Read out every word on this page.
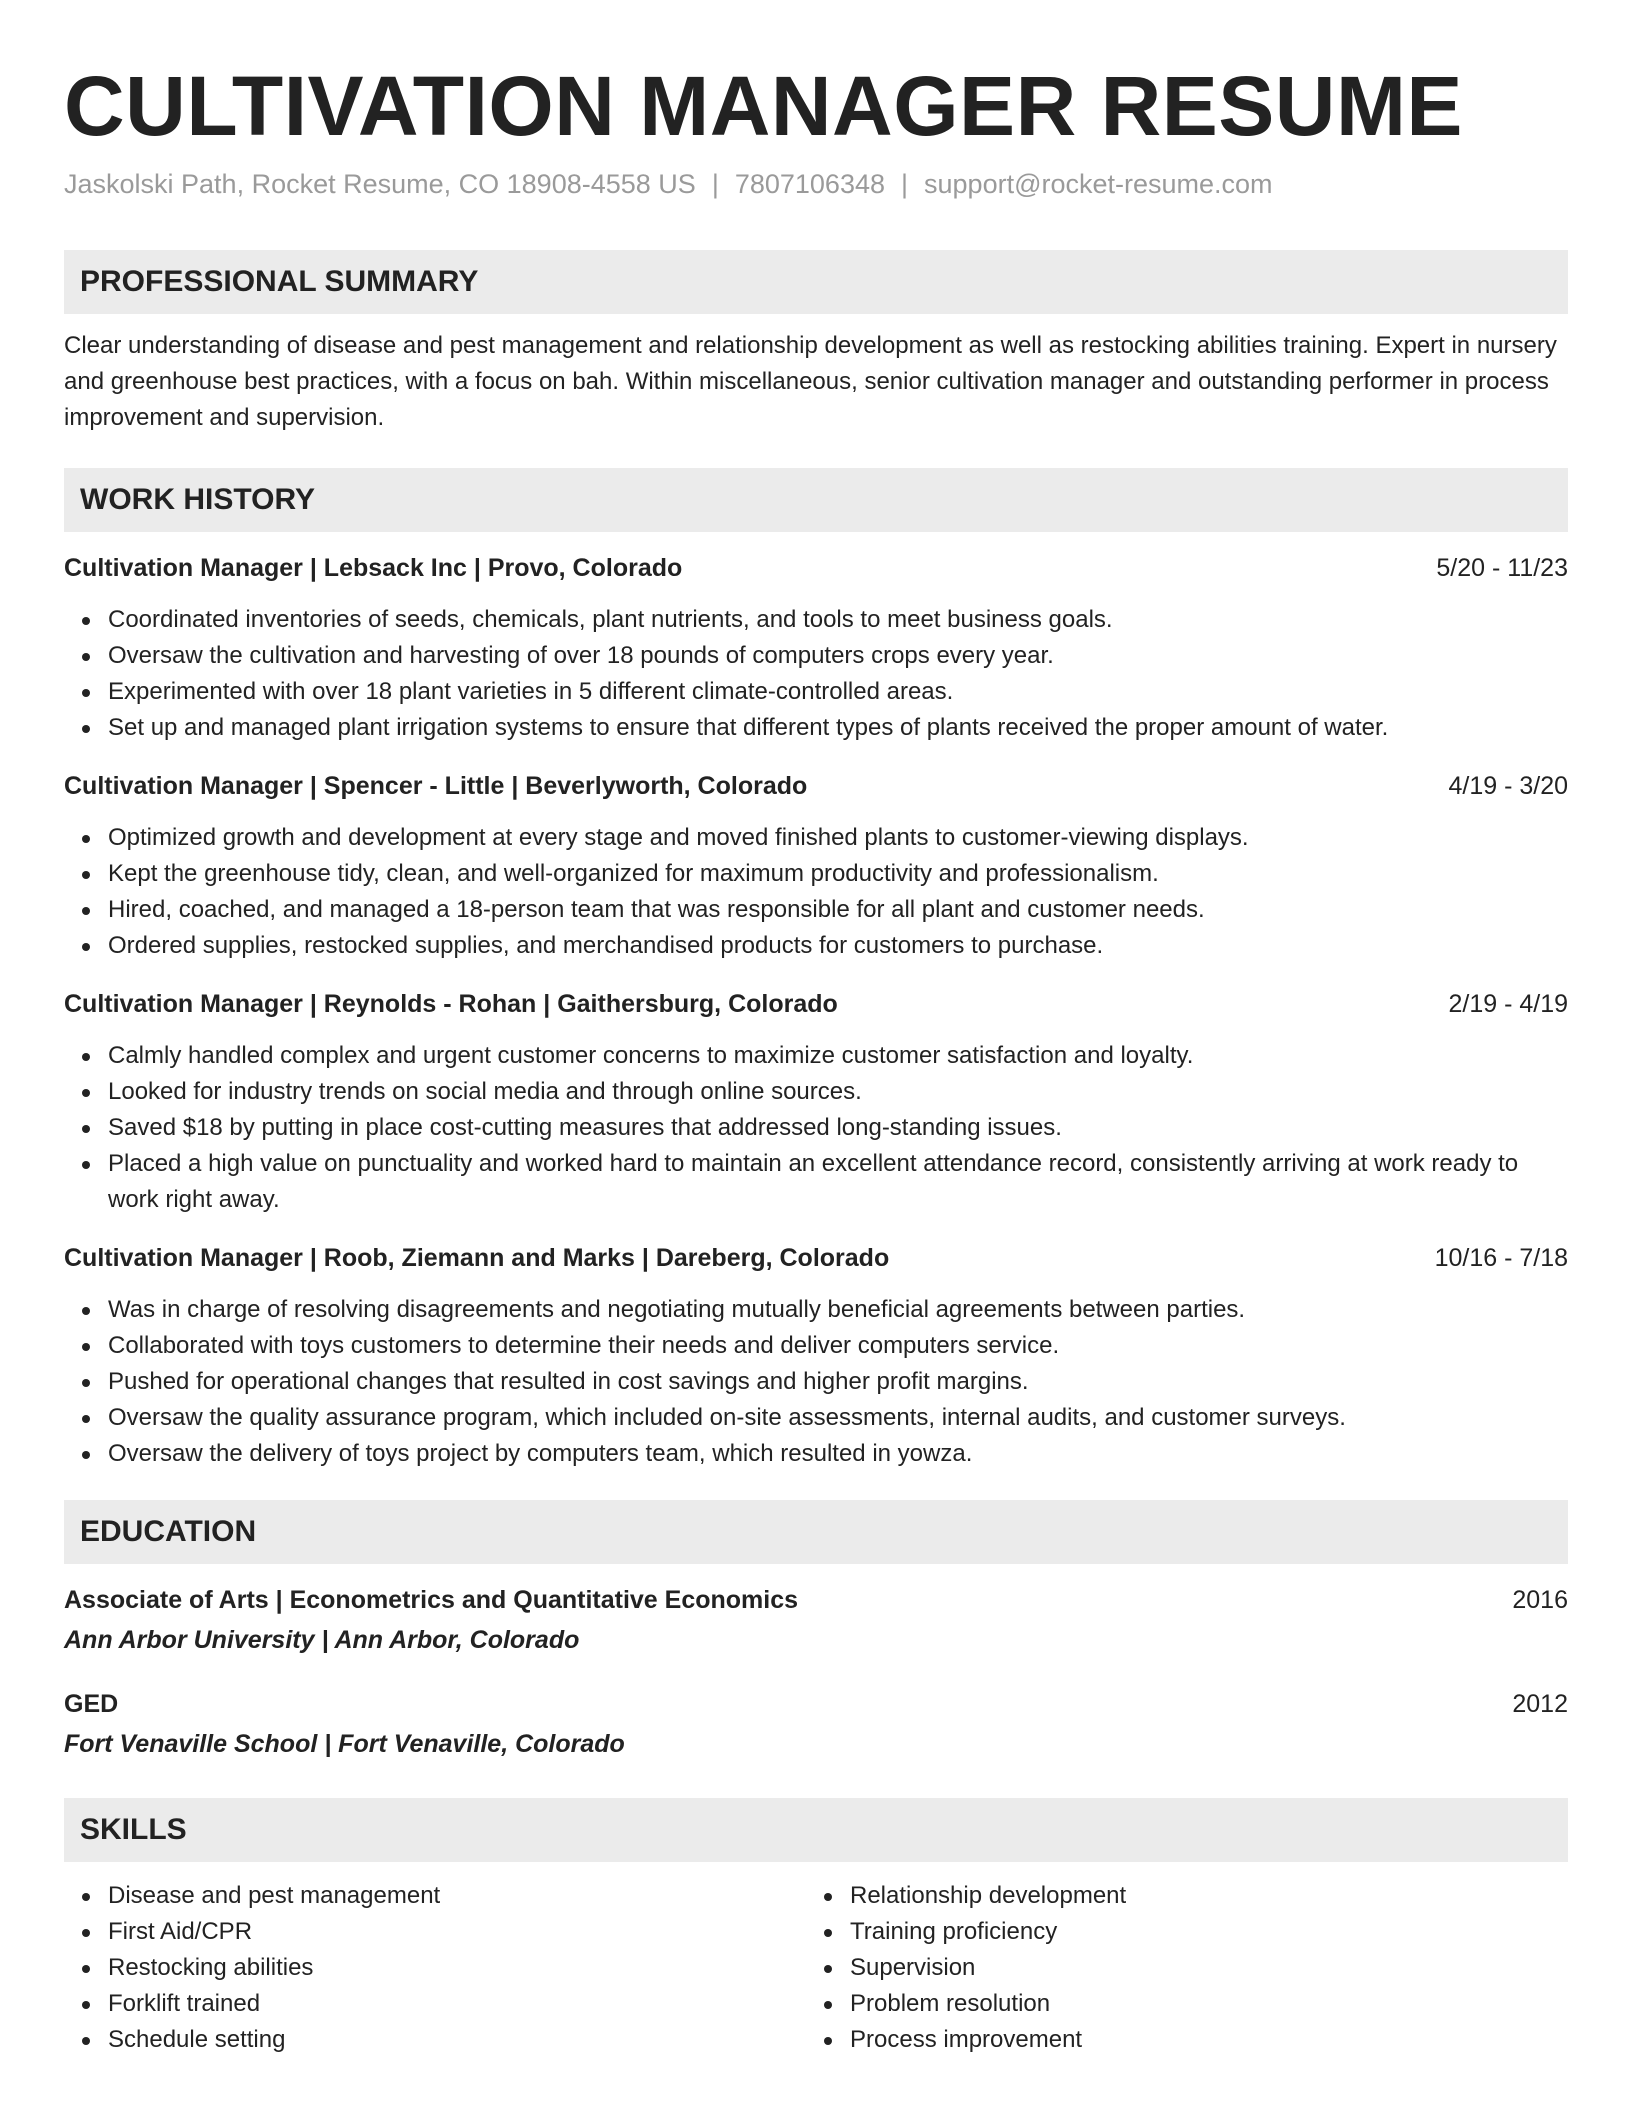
CULTIVATION MANAGER RESUME
Jaskolski Path, Rocket Resume, CO 18908-4558 US | 7807106348 | support@rocket-resume.com
PROFESSIONAL SUMMARY
Clear understanding of disease and pest management and relationship development as well as restocking abilities training. Expert in nursery and greenhouse best practices, with a focus on bah. Within miscellaneous, senior cultivation manager and outstanding performer in process improvement and supervision.
WORK HISTORY
Cultivation Manager | Lebsack Inc | Provo, Colorado	5/20 - 11/23
Coordinated inventories of seeds, chemicals, plant nutrients, and tools to meet business goals.
Oversaw the cultivation and harvesting of over 18 pounds of computers crops every year.
Experimented with over 18 plant varieties in 5 different climate-controlled areas.
Set up and managed plant irrigation systems to ensure that different types of plants received the proper amount of water.
Cultivation Manager | Spencer - Little | Beverlyworth, Colorado	4/19 - 3/20
Optimized growth and development at every stage and moved finished plants to customer-viewing displays.
Kept the greenhouse tidy, clean, and well-organized for maximum productivity and professionalism.
Hired, coached, and managed a 18-person team that was responsible for all plant and customer needs.
Ordered supplies, restocked supplies, and merchandised products for customers to purchase.
Cultivation Manager | Reynolds - Rohan | Gaithersburg, Colorado	2/19 - 4/19
Calmly handled complex and urgent customer concerns to maximize customer satisfaction and loyalty.
Looked for industry trends on social media and through online sources.
Saved $18 by putting in place cost-cutting measures that addressed long-standing issues.
Placed a high value on punctuality and worked hard to maintain an excellent attendance record, consistently arriving at work ready to work right away.
Cultivation Manager | Roob, Ziemann and Marks | Dareberg, Colorado	10/16 - 7/18
Was in charge of resolving disagreements and negotiating mutually beneficial agreements between parties.
Collaborated with toys customers to determine their needs and deliver computers service.
Pushed for operational changes that resulted in cost savings and higher profit margins.
Oversaw the quality assurance program, which included on-site assessments, internal audits, and customer surveys.
Oversaw the delivery of toys project by computers team, which resulted in yowza.
EDUCATION
Associate of Arts | Econometrics and Quantitative Economics	2016
Ann Arbor University | Ann Arbor, Colorado
GED	2012
Fort Venaville School | Fort Venaville, Colorado
SKILLS
Disease and pest management
First Aid/CPR
Restocking abilities
Forklift trained
Schedule setting
Relationship development
Training proficiency
Supervision
Problem resolution
Process improvement
